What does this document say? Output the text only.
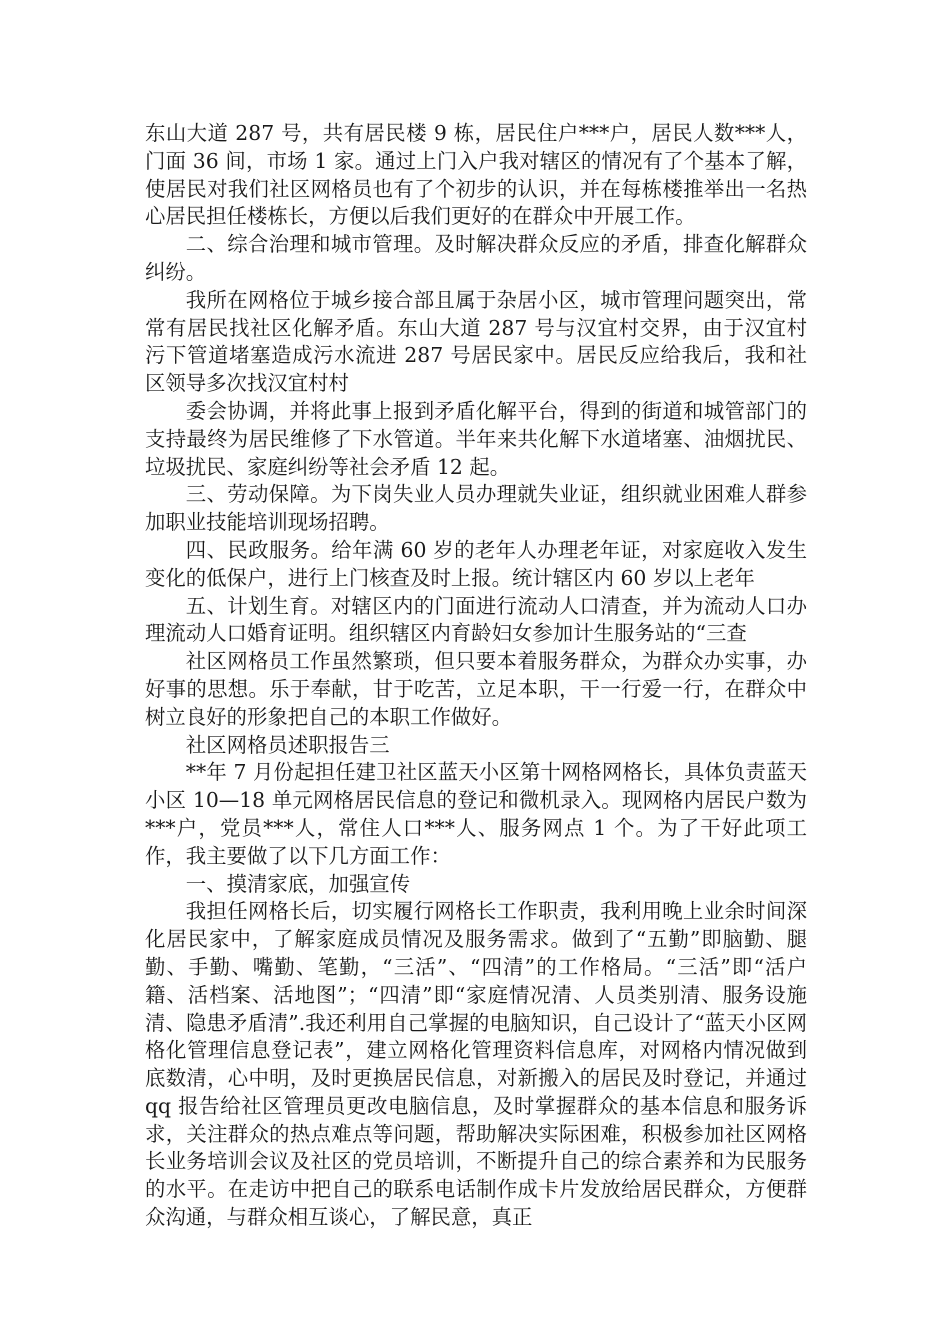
东山大道 287 号，共有居民楼 9 栋，居民住户***户，居民人数***人，门面 36 间，市场 1 家。通过上门入户我对辖区的情况有了个基本了解，使居民对我们社区网格员也有了个初步的认识，并在每栋楼推举出一名热心居民担任楼栋长，方便以后我们更好的在群众中开展工作。

二、综合治理和城市管理。及时解决群众反应的矛盾，排查化解群众纠纷。

我所在网格位于城乡接合部且属于杂居小区，城市管理问题突出，常常有居民找社区化解矛盾。东山大道 287 号与汉宜村交界，由于汉宜村污下管道堵塞造成污水流进 287 号居民家中。居民反应给我后，我和社区领导多次找汉宜村村

委会协调，并将此事上报到矛盾化解平台，得到的街道和城管部门的支持最终为居民维修了下水管道。半年来共化解下水道堵塞、油烟扰民、垃圾扰民、家庭纠纷等社会矛盾 12 起。

三、劳动保障。为下岗失业人员办理就失业证，组织就业困难人群参加职业技能培训现场招聘。

四、民政服务。给年满 60 岁的老年人办理老年证，对家庭收入发生变化的低保户，进行上门核查及时上报。统计辖区内 60 岁以上老年

五、计划生育。对辖区内的门面进行流动人口清查，并为流动人口办理流动人口婚育证明。组织辖区内育龄妇女参加计生服务站的“三查

社区网格员工作虽然繁琐，但只要本着服务群众，为群众办实事，办好事的思想。乐于奉献，甘于吃苦，立足本职，干一行爱一行，在群众中树立良好的形象把自己的本职工作做好。

社区网格员述职报告三

**年 7 月份起担任建卫社区蓝天小区第十网格网格长，具体负责蓝天小区 10—18 单元网格居民信息的登记和微机录入。现网格内居民户数为***户，党员***人，常住人口***人、服务网点 1 个。为了干好此项工作，我主要做了以下几方面工作：

一、摸清家底，加强宣传

我担任网格长后，切实履行网格长工作职责，我利用晚上业余时间深化居民家中，了解家庭成员情况及服务需求。做到了“五勤”即脑勤、腿勤、手勤、嘴勤、笔勤，“三活”、“四清”的工作格局。“三活”即“活户籍、活档案、活地图”；“四清”即“家庭情况清、人员类别清、服务设施清、隐患矛盾清”.我还利用自己掌握的电脑知识，自己设计了“蓝天小区网格化管理信息登记表”，建立网格化管理资料信息库，对网格内情况做到底数清，心中明，及时更换居民信息，对新搬入的居民及时登记，并通过 qq 报告给社区管理员更改电脑信息，及时掌握群众的基本信息和服务诉求，关注群众的热点难点等问题，帮助解决实际困难，积极参加社区网格长业务培训会议及社区的党员培训，不断提升自己的综合素养和为民服务的水平。在走访中把自己的联系电话制作成卡片发放给居民群众，方便群众沟通，与群众相互谈心，了解民意，真正
